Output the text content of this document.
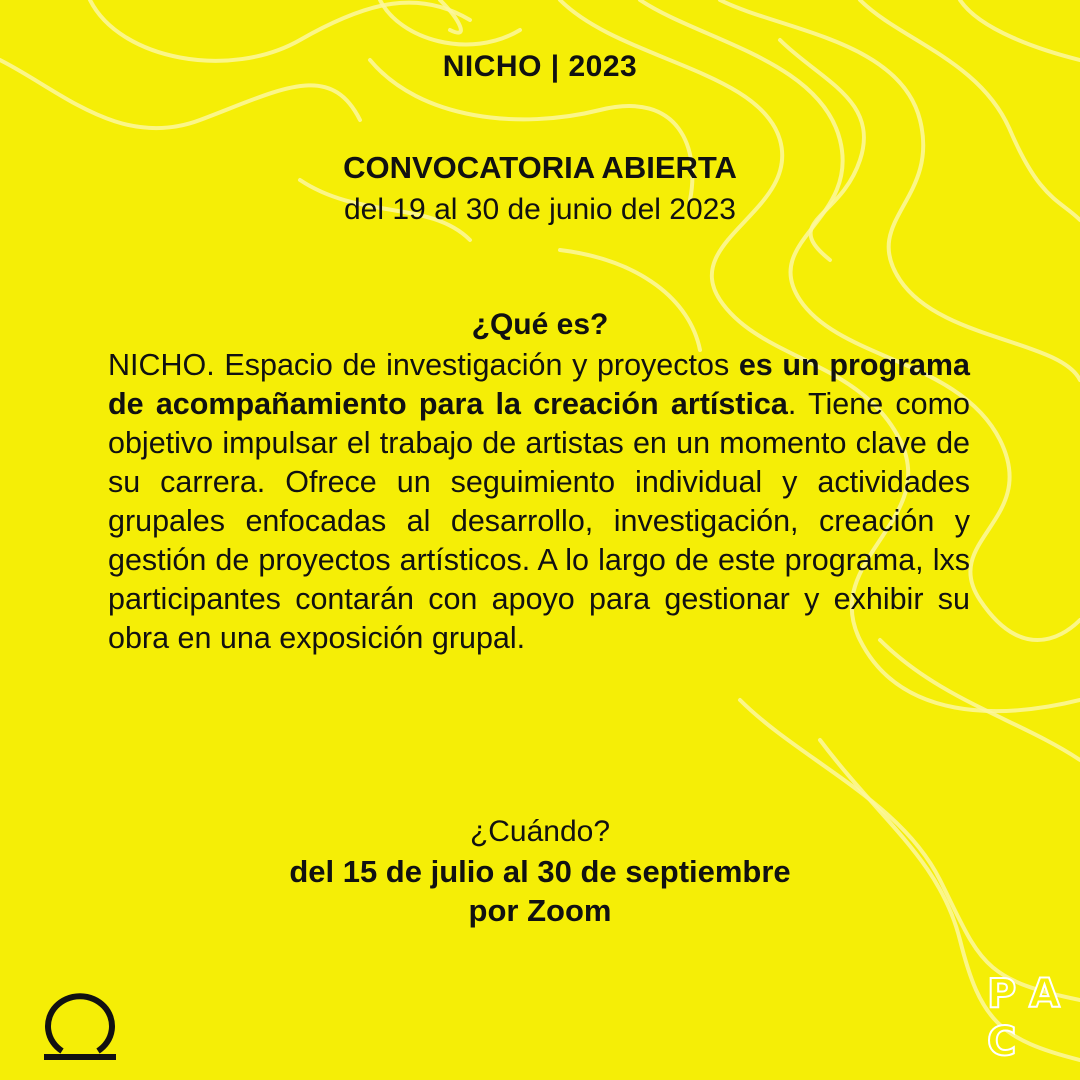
NICHO | 2023

CONVOCATORIA ABIERTA

del 19 al 30 de junio del 2023

¿Qué es?

NICHO. Espacio de investigación y proyectos es un programa de acompañamiento para la creación artística. Tiene como objetivo impulsar el trabajo de artistas en un momento clave de su carrera. Ofrece un seguimiento individual y actividades grupales enfocadas al desarrollo, investigación, creación y gestión de proyectos artísticos. A lo largo de este programa, lxs participantes contarán con apoyo para gestionar y exhibir su obra en una exposición grupal.

¿Cuándo?

del 15 de julio al 30 de septiembre

por Zoom

P A
C
